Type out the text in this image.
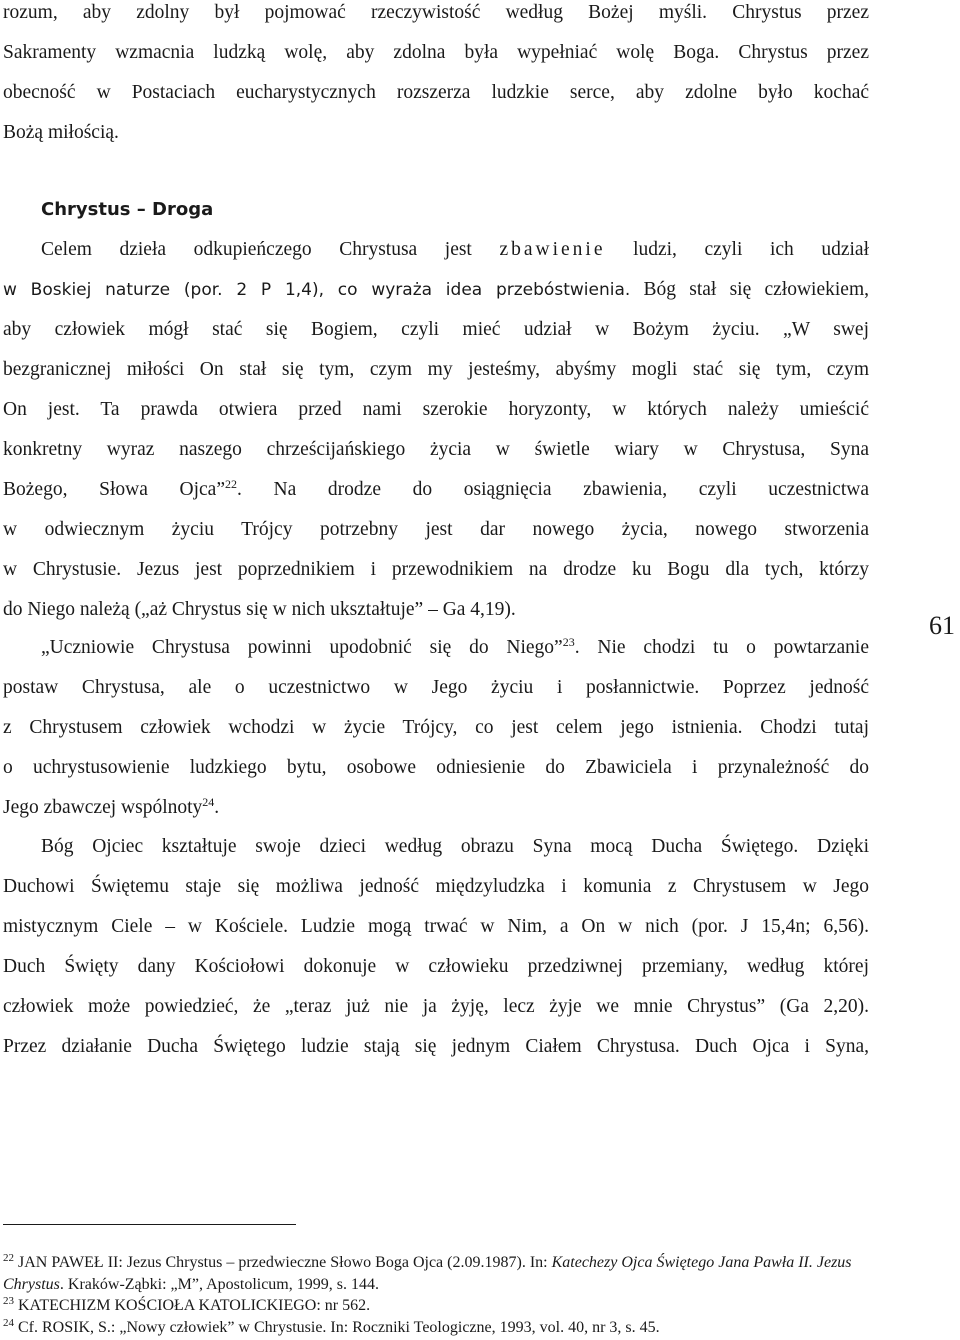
rozum, aby zdolny był pojmować rzeczywistość według Bożej myśli. Chrystus przez
Sakramenty wzmacnia ludzką wolę, aby zdolna była wypełniać wolę Boga. Chrystus przez
obecność w Postaciach eucharystycznych rozszerza ludzkie serce, aby zdolne było kochać
Bożą miłością.
Chrystus – Droga
Celem dzieła odkupieńczego Chrystusa jest zbawienie ludzi, czyli ich udział
w Boskiej naturze (por. 2 P 1,4), co wyraża idea przebóstwienia. Bóg stał się człowiekiem,
aby człowiek mógł stać się Bogiem, czyli mieć udział w Bożym życiu. „W swej
bezgranicznej miłości On stał się tym, czym my jesteśmy, abyśmy mogli stać się tym, czym
On jest. Ta prawda otwiera przed nami szerokie horyzonty, w których należy umieścić
konkretny wyraz naszego chrześcijańskiego życia w świetle wiary w Chrystusa, Syna
Bożego, Słowa Ojca”$^{22}$. Na drodze do osiągnięcia zbawienia, czyli uczestnictwa
w odwiecznym życiu Trójcy potrzebny jest dar nowego życia, nowego stworzenia
w Chrystusie. Jezus jest poprzednikiem i przewodnikiem na drodze ku Bogu dla tych, którzy
do Niego należą („aż Chrystus się w nich ukształtuje” – Ga 4,19).
„Uczniowie Chrystusa powinni upodobnić się do Niego”$^{23}$. Nie chodzi tu o powtarzanie
postaw Chrystusa, ale o uczestnictwo w Jego życiu i posłannictwie. Poprzez jedność
z Chrystusem człowiek wchodzi w życie Trójcy, co jest celem jego istnienia. Chodzi tutaj
o uchrystusowienie ludzkiego bytu, osobowe odniesienie do Zbawiciela i przynależność do
Jego zbawczej wspólnoty$^{24}$.
Bóg Ojciec kształtuje swoje dzieci według obrazu Syna mocą Ducha Świętego. Dzięki
Duchowi Świętemu staje się możliwa jedność międzyludzka i komunia z Chrystusem w Jego
mistycznym Ciele – w Kościele. Ludzie mogą trwać w Nim, a On w nich (por. J 15,4n; 6,56).
Duch Święty dany Kościołowi dokonuje w człowieku przedziwnej przemiany, według której
człowiek może powiedzieć, że „teraz już nie ja żyję, lecz żyje we mnie Chrystus” (Ga 2,20).
Przez działanie Ducha Świętego ludzie stają się jednym Ciałem Chrystusa. Duch Ojca i Syna,
61
$^{22}$ JAN PAWEŁ II: Jezus Chrystus – przedwieczne Słowo Boga Ojca (2.09.1987). In: Katechezy Ojca Świętego Jana Pawła II. Jezus Chrystus. Kraków-Ząbki: „M”, Apostolicum, 1999, s. 144.
$^{23}$ KATECHIZM KOŚCIOŁA KATOLICKIEGO: nr 562.
$^{24}$ Cf. ROSIK, S.: „Nowy człowiek” w Chrystusie. In: Roczniki Teologiczne, 1993, vol. 40, nr 3, s. 45.
